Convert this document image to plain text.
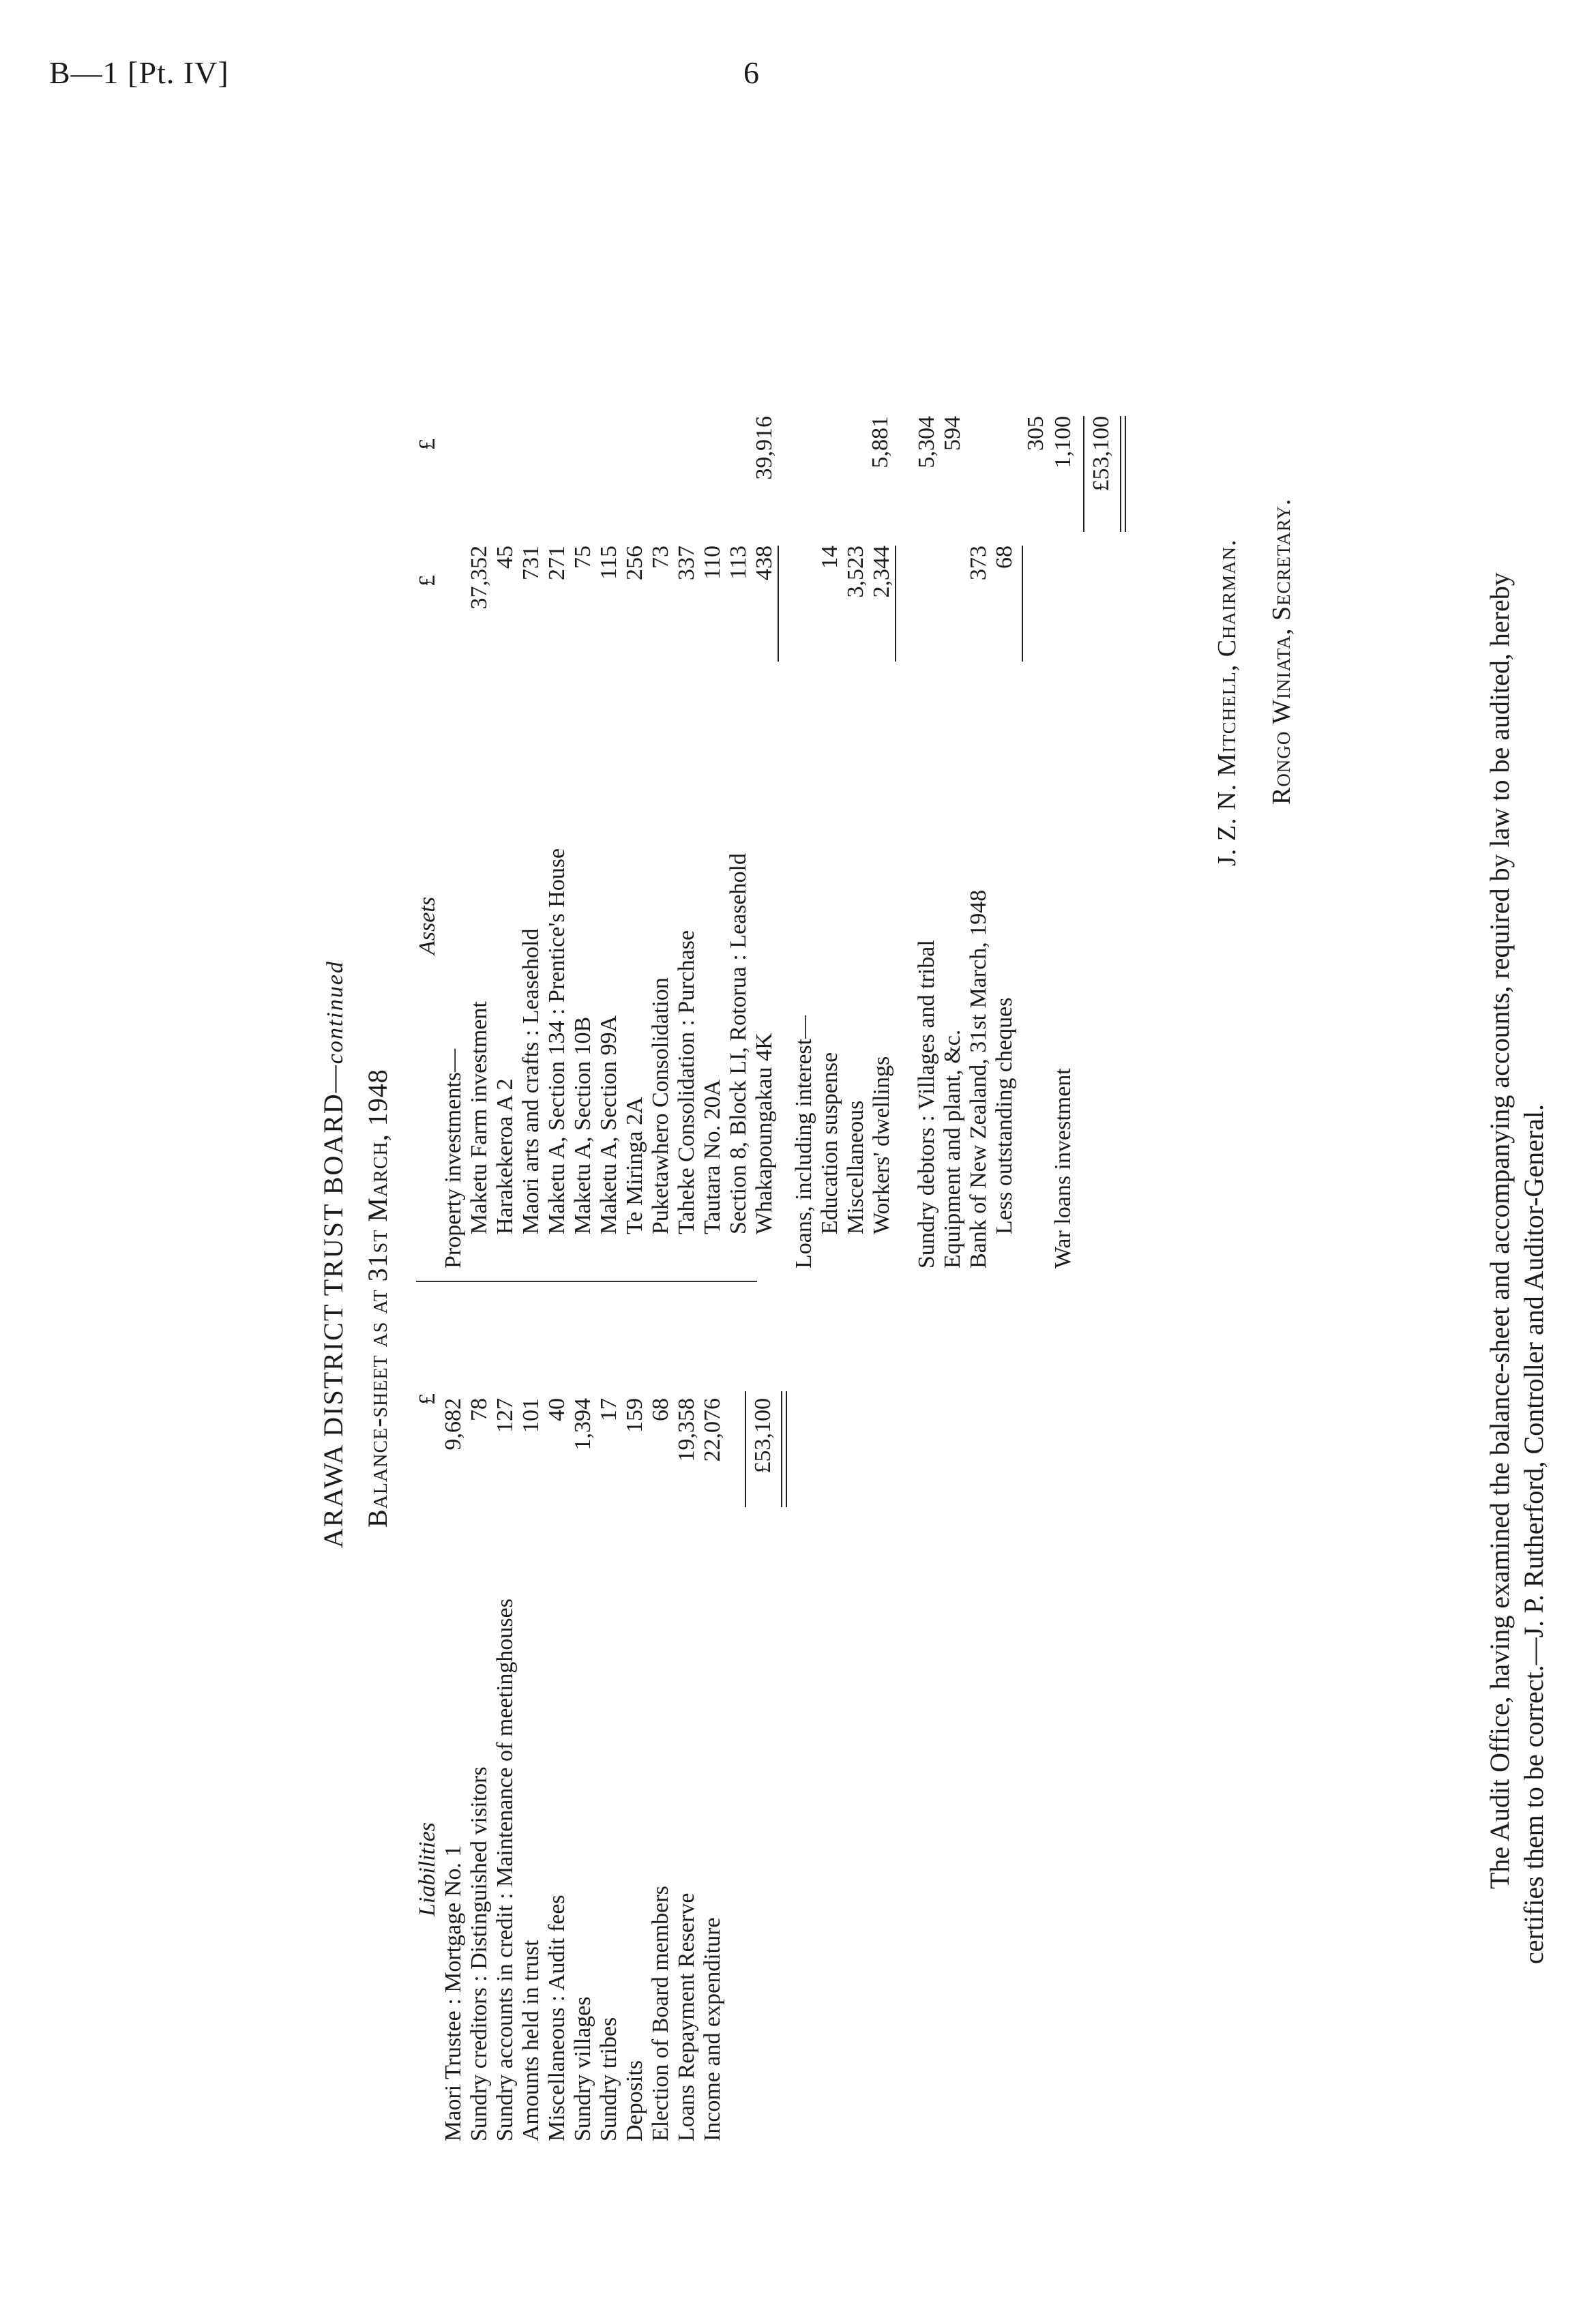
B—1 [Pt. IV]	6
ARAWA DISTRICT TRUST BOARD—continued
Balance-sheet as at 31st March, 1948
Liabilities
£
Maori Trustee : Mortgage No. 1
9,682
Sundry creditors : Distinguished visitors
78
Sundry accounts in credit : Maintenance of meetinghouses
127
Amounts held in trust
101
Miscellaneous : Audit fees
40
Sundry villages
1,394
Sundry tribes
17
Deposits
159
Election of Board members
68
Loans Repayment Reserve
19,358
Income and expenditure
22,076 £53,100
Assets
£
£
Property investments— Maketu Farm investment
37,352
Harakekeroa A 2
45
Maori arts and crafts : Leasehold
731
Maketu A, Section 134 : Prentice's House
271
Maketu A, Section 10B
75
Maketu A, Section 99A
115
Te Miringa 2A
256
Puketawhero Consolidation
73
Taheke Consolidation : Purchase
337
Tautara No. 20A
110
Section 8, Block LI, Rotorua : Leasehold
113
Whakapoungakau 4K
438
39,916
Loans, including interest— Education suspense
14
Miscellaneous
3,523
Workers' dwellings
2,344
5,881
Sundry debtors : Villages and tribal
5,304
Equipment and plant, &c.
594
Bank of New Zealand, 31st March, 1948
373
Less outstanding cheques
68
305
War loans investment
1,100 £53,100
J. Z. N. Mitchell, Chairman. Rongo Winiata, Secretary.	The Audit Office, having examined the balance-sheet and accompanying accounts, required by law to be audited, hereby certifies them to be correct.—J. P. Rutherford, Controller and Auditor-General.
